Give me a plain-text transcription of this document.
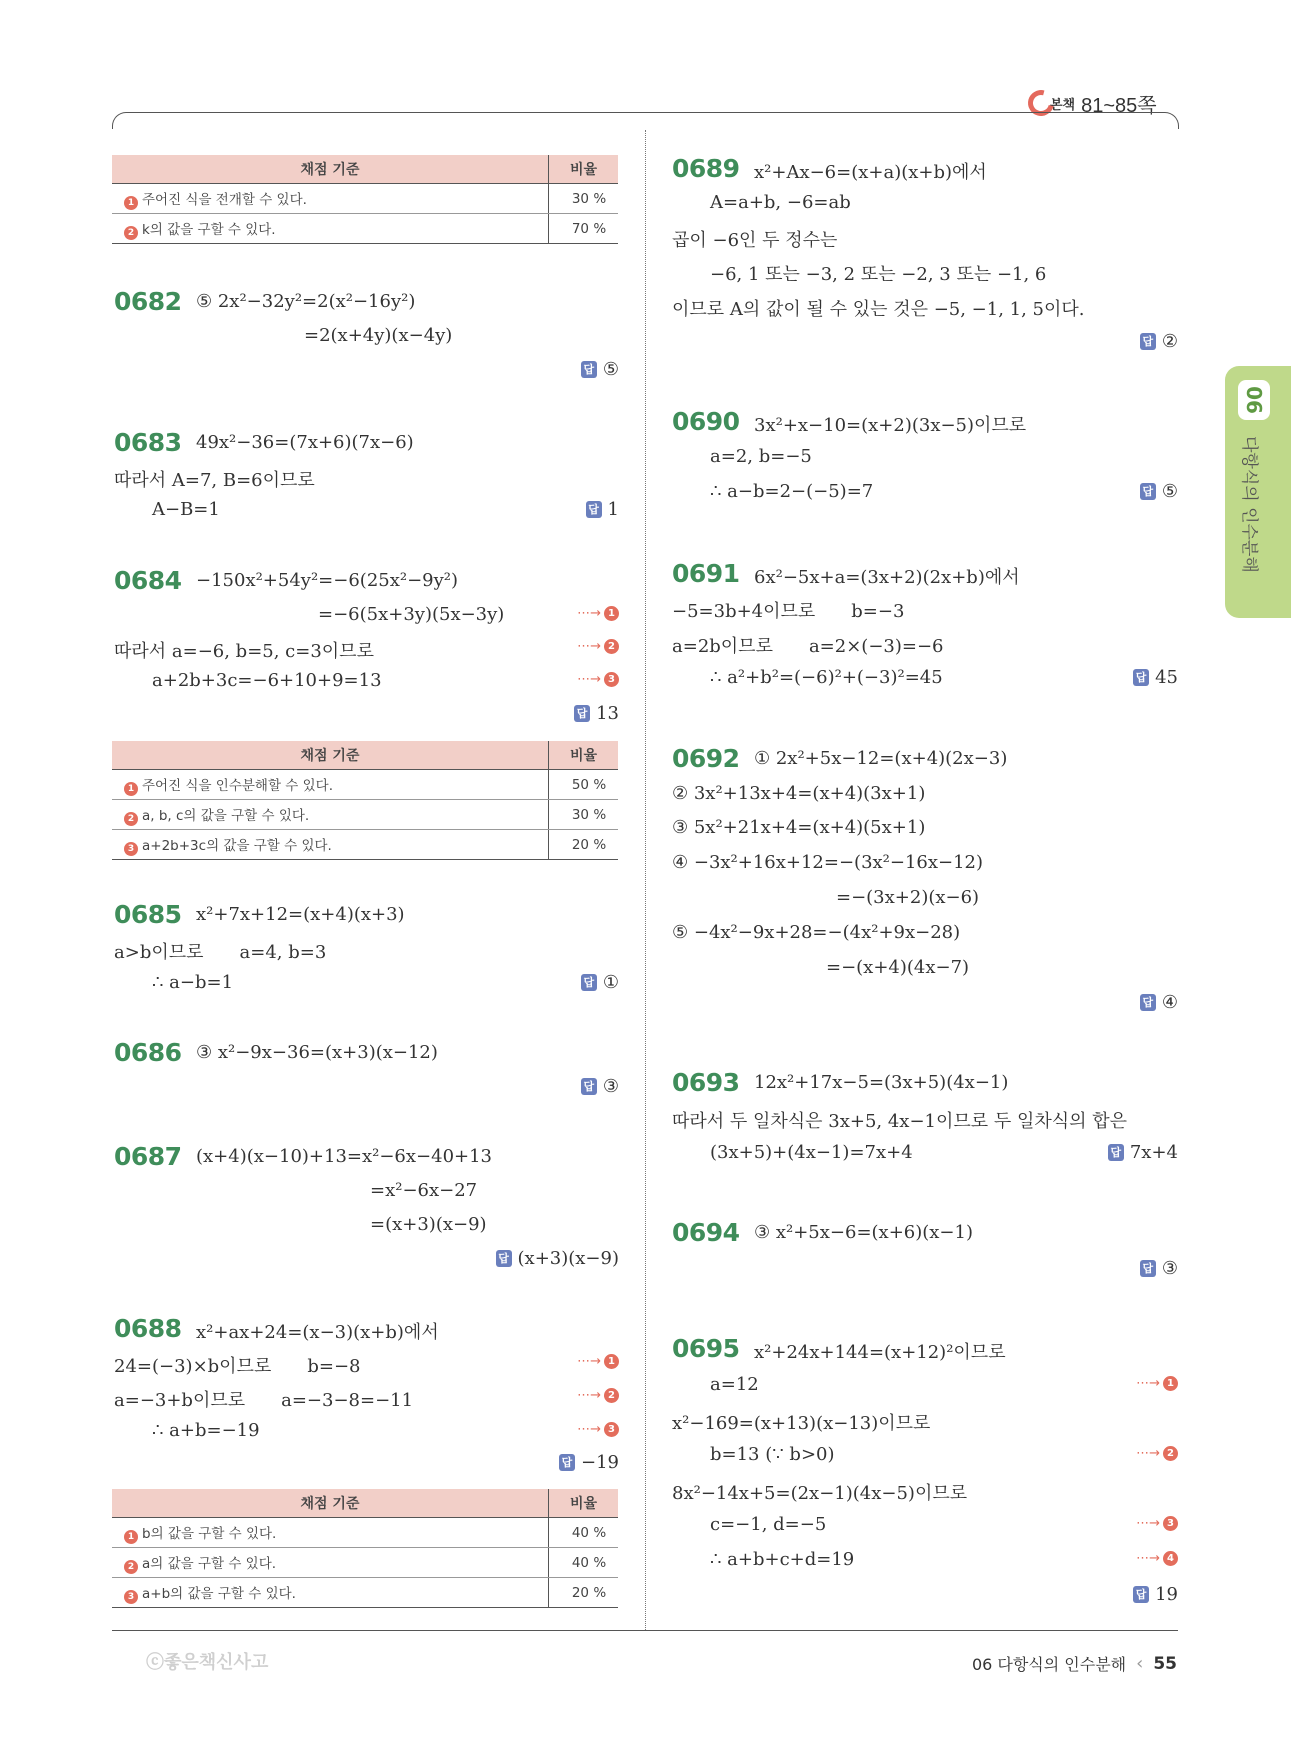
본책 81~85쪽
06
다항식의 인수분해
채점 기준	비율
1 주어진 식을 전개할 수 있다.	30 %
2 k의 값을 구할 수 있다.	70 %
0682 ⑤ 2x²−32y²=2(x²−16y²)
=2(x+4y)(x−4y)
답 ⑤
0683 49x²−36=(7x+6)(7x−6)
따라서 A=7, B=6이므로
A−B=1	답 1
0684 −150x²+54y²=−6(25x²−9y²)
=−6(5x+3y)(5x−3y)	⋯→ 1
따라서 a=−6, b=5, c=3이므로	⋯→ 2
a+2b+3c=−6+10+9=13	⋯→ 3
답 13
채점 기준	비율
1 주어진 식을 인수분해할 수 있다.	50 %
2 a, b, c의 값을 구할 수 있다.	30 %
3 a+2b+3c의 값을 구할 수 있다.	20 %
0685 x²+7x+12=(x+4)(x+3)
a>b이므로　　a=4, b=3
∴ a−b=1	답 ①
0686 ③ x²−9x−36=(x+3)(x−12)
답 ③
0687 (x+4)(x−10)+13=x²−6x−40+13
=x²−6x−27
=(x+3)(x−9)
답 (x+3)(x−9)
0688 x²+ax+24=(x−3)(x+b)에서
24=(−3)×b이므로　　b=−8	⋯→ 1
a=−3+b이므로　　a=−3−8=−11	⋯→ 2
∴ a+b=−19	⋯→ 3
답 −19
채점 기준	비율
1 b의 값을 구할 수 있다.	40 %
2 a의 값을 구할 수 있다.	40 %
3 a+b의 값을 구할 수 있다.	20 %
0689 x²+Ax−6=(x+a)(x+b)에서
A=a+b, −6=ab
곱이 −6인 두 정수는
−6, 1 또는 −3, 2 또는 −2, 3 또는 −1, 6
이므로 A의 값이 될 수 있는 것은 −5, −1, 1, 5이다.
답 ②
0690 3x²+x−10=(x+2)(3x−5)이므로
a=2, b=−5
∴ a−b=2−(−5)=7	답 ⑤
0691 6x²−5x+a=(3x+2)(2x+b)에서
−5=3b+4이므로　　b=−3
a=2b이므로　　a=2×(−3)=−6
∴ a²+b²=(−6)²+(−3)²=45	답 45
0692 ① 2x²+5x−12=(x+4)(2x−3)
② 3x²+13x+4=(x+4)(3x+1)
③ 5x²+21x+4=(x+4)(5x+1)
④ −3x²+16x+12=−(3x²−16x−12)
=−(3x+2)(x−6)
⑤ −4x²−9x+28=−(4x²+9x−28)
=−(x+4)(4x−7)
답 ④
0693 12x²+17x−5=(3x+5)(4x−1)
따라서 두 일차식은 3x+5, 4x−1이므로 두 일차식의 합은
(3x+5)+(4x−1)=7x+4	답 7x+4
0694 ③ x²+5x−6=(x+6)(x−1)
답 ③
0695 x²+24x+144=(x+12)²이므로
a=12	⋯→ 1
x²−169=(x+13)(x−13)이므로
b=13 (∵ b>0)	⋯→ 2
8x²−14x+5=(2x−1)(4x−5)이므로
c=−1, d=−5	⋯→ 3
∴ a+b+c+d=19	⋯→ 4
답 19
ⓒ좋은책신사고	06 다항식의 인수분해 ‹ 55
